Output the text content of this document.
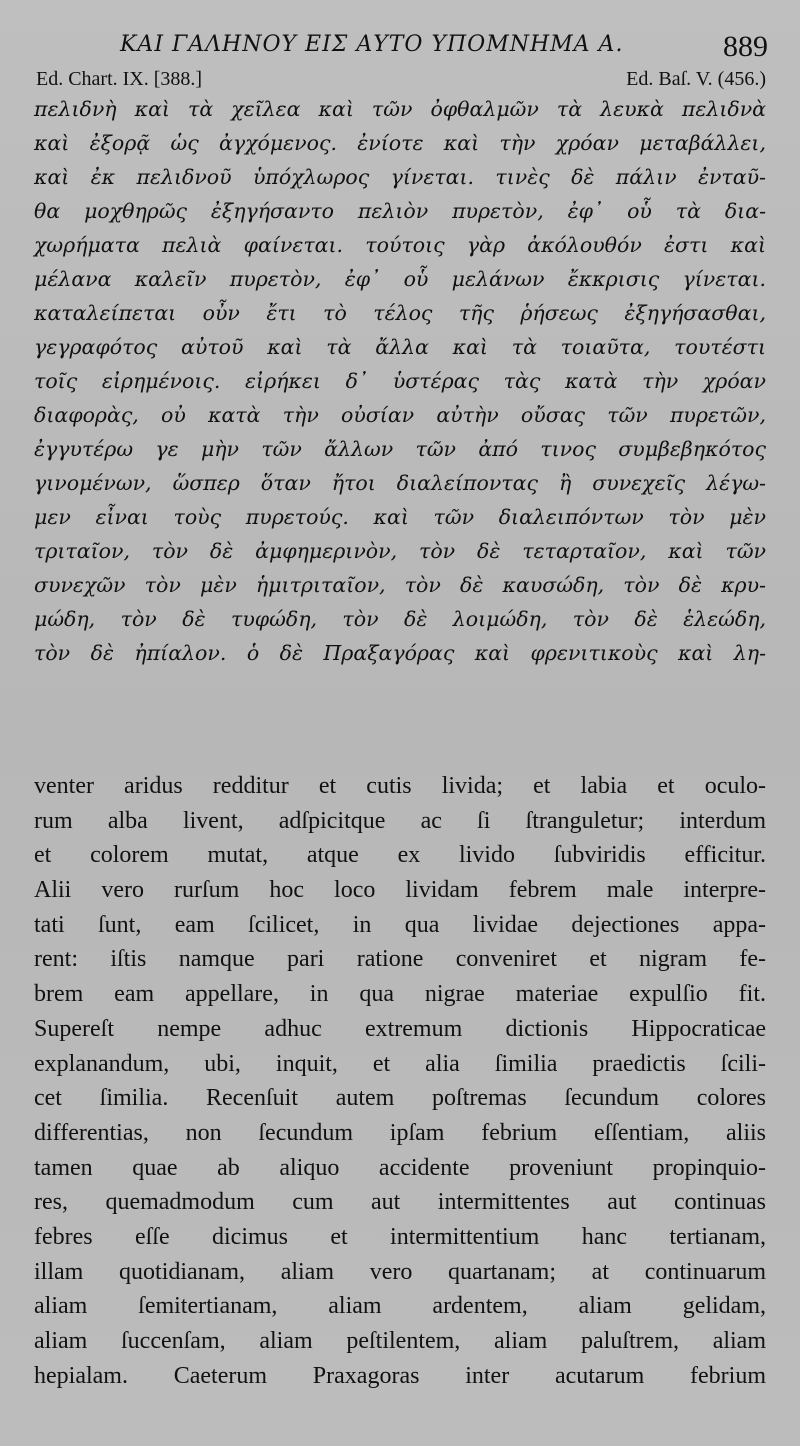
ΚΑΙ ΓΑΛΗΝΟΥ ΕΙΣ ΑΥΤΟ ΥΠΟΜΝΗΜΑ Α.	889
Ed. Chart. IX. [388.]	Ed. Baſ. V. (456.)
πελιδνὴ καὶ τὰ χεῖλεα καὶ τῶν ὀφθαλμῶν τὰ λευκὰ πελιδνὰ
καὶ ἐξορᾷ ὡς ἀγχόμενος. ἐνίοτε καὶ τὴν χρόαν μεταβάλλει,
καὶ ἐκ πελιδνοῦ ὑπόχλωρος γίνεται. τινὲς δὲ πάλιν ἐνταῦ-
θα μοχθηρῶς ἐξηγήσαντο πελιὸν πυρετὸν, ἐφ᾽ οὗ τὰ δια-
χωρήματα πελιὰ φαίνεται. τούτοις γὰρ ἀκόλουθόν ἐστι καὶ
μέλανα καλεῖν πυρετὸν, ἐφ᾽ οὗ μελάνων ἔκκρισις γίνεται.
καταλείπεται οὖν ἔτι τὸ τέλος τῆς ῥήσεως ἐξηγήσασθαι,
γεγραφότος αὐτοῦ καὶ τὰ ἄλλα καὶ τὰ τοιαῦτα, τουτέστι
τοῖς εἰρημένοις. εἰρήκει δ᾽ ὑστέρας τὰς κατὰ τὴν χρόαν
διαφορὰς, οὐ κατὰ τὴν οὐσίαν αὐτὴν οὔσας τῶν πυρετῶν,
ἐγγυτέρω γε μὴν τῶν ἄλλων τῶν ἀπό τινος συμβεβηκότος
γινομένων, ὥσπερ ὅταν ἤτοι διαλείποντας ἢ συνεχεῖς λέγω-
μεν εἶναι τοὺς πυρετούς. καὶ τῶν διαλειπόντων τὸν μὲν
τριταῖον, τὸν δὲ ἀμφημερινὸν, τὸν δὲ τεταρταῖον, καὶ τῶν
συνεχῶν τὸν μὲν ἡμιτριταῖον, τὸν δὲ καυσώδη, τὸν δὲ κρυ-
μώδη, τὸν δὲ τυφώδη, τὸν δὲ λοιμώδη, τὸν δὲ ἑλεώδη,
τὸν δὲ ἠπίαλον. ὁ δὲ Πραξαγόρας καὶ φρενιτικοὺς καὶ λη-
venter aridus redditur et cutis livida; et labia et oculo-
rum alba livent, adſpicitque ac ſi ſtranguletur; interdum
et colorem mutat, atque ex livido ſubviridis efficitur.
Alii vero rurſum hoc loco lividam febrem male interpre-
tati ſunt, eam ſcilicet, in qua lividae dejectiones appa-
rent: iſtis namque pari ratione conveniret et nigram fe-
brem eam appellare, in qua nigrae materiae expulſio fit.
Supereſt nempe adhuc extremum dictionis Hippocraticae
explanandum, ubi, inquit, et alia ſimilia praedictis ſcili-
cet ſimilia. Recenſuit autem poſtremas ſecundum colores
differentias, non ſecundum ipſam febrium eſſentiam, aliis
tamen quae ab aliquo accidente proveniunt propinquio-
res, quemadmodum cum aut intermittentes aut continuas
febres eſſe dicimus et intermittentium hanc tertianam,
illam quotidianam, aliam vero quartanam; at continuarum
aliam ſemitertianam, aliam ardentem, aliam gelidam,
aliam ſuccenſam, aliam peſtilentem, aliam paluſtrem, aliam
hepialam. Caeterum Praxagoras inter acutarum febrium
